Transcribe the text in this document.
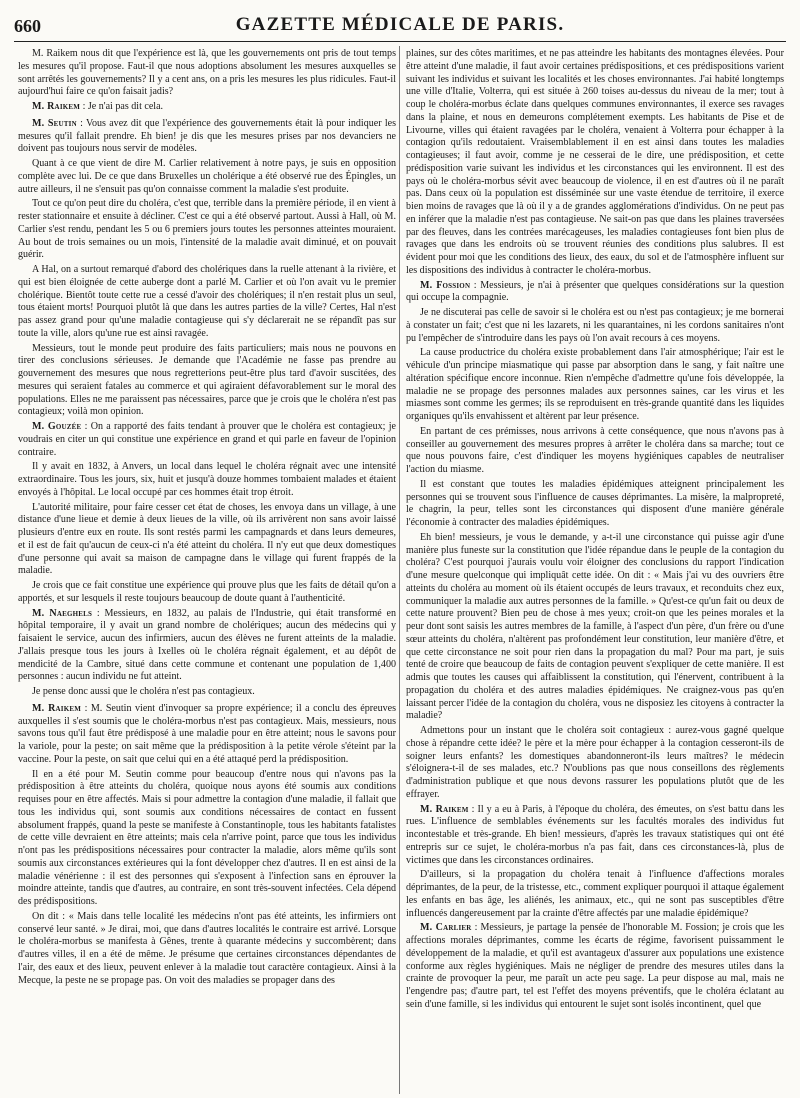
660	GAZETTE MÉDICALE DE PARIS.

M. Raikem nous dit que l'expérience est là, que les gouvernements ont pris de tout temps les mesures qu'il propose. Faut-il que nous adoptions absolument les mesures auxquelles se sont arrêtés les gouvernements? Il y a cent ans, on a pris les mesures les plus ridicules. Faut-il aujourd'hui faire ce qu'on faisait jadis?

M. Raikem : Je n'ai pas dit cela.

M. Seutin : Vous avez dit que l'expérience des gouvernements était là pour indiquer les mesures qu'il fallait prendre. Eh bien! je dis que les mesures prises par nos devanciers ne doivent pas toujours nous servir de modèles.

Quant à ce que vient de dire M. Carlier relativement à notre pays, je suis en opposition complète avec lui. De ce que dans Bruxelles un cholérique a été observé rue des Épingles, un autre ailleurs, il ne s'ensuit pas qu'on connaisse comment la maladie s'est produite.

Tout ce qu'on peut dire du choléra, c'est que, terrible dans la première période, il en vient à rester stationnaire et ensuite à décliner. C'est ce qui a été observé partout. Aussi à Hall, où M. Carlier s'est rendu, pendant les 5 ou 6 premiers jours toutes les personnes atteintes mouraient. Au bout de trois semaines ou un mois, l'intensité de la maladie avait diminué, et on pouvait guérir.

A Hal, on a surtout remarqué d'abord des cholériques dans la ruelle attenant à la rivière, et qui est bien éloignée de cette auberge dont a parlé M. Carlier et où l'on avait vu le premier cholérique. Bientôt toute cette rue a cessé d'avoir des cholériques; il n'en restait plus un seul, tous étaient morts! Pourquoi plutôt là que dans les autres parties de la ville? Certes, Hal n'est pas assez grand pour qu'une maladie contagieuse qui s'y déclarerait ne se répandît pas sur toute la ville, alors qu'une rue est ainsi ravagée.

Messieurs, tout le monde peut produire des faits particuliers; mais nous ne pouvons en tirer des conclusions sérieuses. Je demande que l'Académie ne fasse pas prendre au gouvernement des mesures que nous regretterions peut-être plus tard d'avoir suscitées, des mesures qui seraient fatales au commerce et qui agiraient défavorablement sur le moral des populations. Elles ne me paraissent pas nécessaires, parce que je crois que le choléra n'est pas contagieux; voilà mon opinion.

M. Gouzée : On a rapporté des faits tendant à prouver que le choléra est contagieux; je voudrais en citer un qui constitue une expérience en grand et qui parle en faveur de l'opinion contraire.

Il y avait en 1832, à Anvers, un local dans lequel le choléra régnait avec une intensité extraordinaire. Tous les jours, six, huit et jusqu'à douze hommes tombaient malades et étaient envoyés à l'hôpital. Le local occupé par ces hommes était trop étroit.

L'autorité militaire, pour faire cesser cet état de choses, les envoya dans un village, à une distance d'une lieue et demie à deux lieues de la ville, où ils arrivèrent non sans avoir laissé plusieurs d'entre eux en route. Ils sont restés parmi les campagnards et dans leurs demeures, et il est de fait qu'aucun de ceux-ci n'a été atteint du choléra. Il n'y eut que deux domestiques d'une personne qui avait sa maison de campagne dans le village qui furent frappés de la maladie.

Je crois que ce fait constitue une expérience qui prouve plus que les faits de détail qu'on a apportés, et sur lesquels il reste toujours beaucoup de doute quant à l'authenticité.

M. Naeghels : Messieurs, en 1832, au palais de l'Industrie, qui était transformé en hôpital temporaire, il y avait un grand nombre de cholériques; aucun des médecins qui y faisaient le service, aucun des infirmiers, aucun des élèves ne furent atteints de la maladie. J'allais presque tous les jours à Ixelles où le choléra régnait également, et au dépôt de mendicité de la Cambre, situé dans cette commune et contenant une population de 1,400 personnes : aucun individu ne fut atteint.

Je pense donc aussi que le choléra n'est pas contagieux.

M. Raikem : M. Seutin vient d'invoquer sa propre expérience; il a conclu des épreuves auxquelles il s'est soumis que le choléra-morbus n'est pas contagieux. Mais, messieurs, nous savons tous qu'il faut être prédisposé à une maladie pour en être atteint; nous le savons pour la variole, pour la peste; on sait même que la prédisposition à la petite vérole s'éteint par la vaccine. Pour la peste, on sait que celui qui en a été attaqué perd la prédisposition.

Il en a été pour M. Seutin comme pour beaucoup d'entre nous qui n'avons pas la prédisposition à être atteints du choléra, quoique nous ayons été soumis aux conditions requises pour en être affectés. Mais si pour admettre la contagion d'une maladie, il fallait que tous les individus qui, sont soumis aux conditions nécessaires de contact en fussent absolument frappés, quand la peste se manifeste à Constantinople, tous les habitants fatalistes de cette ville devraient en être atteints; mais cela n'arrive point, parce que tous les individus n'ont pas les prédispositions nécessaires pour contracter la maladie, alors même qu'ils sont soumis aux circonstances extérieures qui la font développer chez d'autres. Il en est ainsi de la maladie vénérienne : il est des personnes qui s'exposent à l'infection sans en éprouver la moindre atteinte, tandis que d'autres, au contraire, en sont très-souvent infectées. Cela dépend des prédispositions.

On dit : « Mais dans telle localité les médecins n'ont pas été atteints, les infirmiers ont conservé leur santé. » Je dirai, moi, que dans d'autres localités le contraire est arrivé. Lorsque le choléra-morbus se manifesta à Gênes, trente à quarante médecins y succombèrent; dans d'autres villes, il en a été de même. Je présume que certaines circonstances dépendantes de l'air, des eaux et des lieux, peuvent enlever à la maladie tout caractère contagieux. Ainsi à la Mecque, la peste ne se propage pas. On voit des maladies se propager dans des

plaines, sur des côtes maritimes, et ne pas atteindre les habitants des montagnes élevées. Pour être atteint d'une maladie, il faut avoir certaines prédispositions, et ces prédispositions varient suivant les individus et suivant les localités et les choses environnantes. J'ai habité longtemps une ville d'Italie, Volterra, qui est située à 260 toises au-dessus du niveau de la mer; tout à coup le choléra-morbus éclate dans quelques communes environnantes, il exerce ses ravages dans la plaine, et nous en demeurons complétement exempts. Les habitants de Pise et de Livourne, villes qui étaient ravagées par le choléra, venaient à Volterra pour échapper à la contagion qu'ils redoutaient. Vraisemblablement il en est ainsi dans toutes les maladies contagieuses; il faut avoir, comme je ne cesserai de le dire, une prédisposition, et cette prédisposition varie suivant les individus et les circonstances qui les environnent. Il est des pays où le choléra-morbus sévit avec beaucoup de violence, il en est d'autres où il ne paraît pas. Dans ceux où la population est disséminée sur une vaste étendue de territoire, il exerce bien moins de ravages que là où il y a de grandes agglomérations d'individus. On ne peut pas en inférer que la maladie n'est pas contagieuse. Ne sait-on pas que dans les plaines traversées par des fleuves, dans les contrées marécageuses, les maladies contagieuses font bien plus de ravages que dans les endroits où se trouvent réunies des conditions plus salubres. Il est évident pour moi que les conditions des lieux, des eaux, du sol et de l'atmosphère influent sur les dispositions des individus à contracter le choléra-morbus.

M. Fossion : Messieurs, je n'ai à présenter que quelques considérations sur la question qui occupe la compagnie.

Je ne discuterai pas celle de savoir si le choléra est ou n'est pas contagieux; je me bornerai à constater un fait; c'est que ni les lazarets, ni les quarantaines, ni les cordons sanitaires n'ont pu l'empêcher de s'introduire dans les pays où l'on avait recours à ces moyens.

La cause productrice du choléra existe probablement dans l'air atmosphérique; l'air est le véhicule d'un principe miasmatique qui passe par absorption dans le sang, y fait naître une altération spécifique encore inconnue. Rien n'empêche d'admettre qu'une fois développée, la maladie ne se propage des personnes malades aux personnes saines, car les virus et les miasmes sont comme les germes; ils se reproduisent en très-grande quantité dans les liquides organiques qu'ils envahissent et altèrent par leur présence.

En partant de ces prémisses, nous arrivons à cette conséquence, que nous n'avons pas à conseiller au gouvernement des mesures propres à arrêter le choléra dans sa marche; tout ce que nous pouvons faire, c'est d'indiquer les moyens hygiéniques capables de neutraliser l'action du miasme.

Il est constant que toutes les maladies épidémiques atteignent principalement les personnes qui se trouvent sous l'influence de causes déprimantes. La misère, la malpropreté, le chagrin, la peur, telles sont les circonstances qui disposent d'une manière générale l'économie à contracter des maladies épidémiques.

Eh bien! messieurs, je vous le demande, y a-t-il une circonstance qui puisse agir d'une manière plus funeste sur la constitution que l'idée répandue dans le peuple de la contagion du choléra? C'est pourquoi j'aurais voulu voir éloigner des conclusions du rapport l'indication d'une mesure quelconque qui impliquât cette idée. On dit : « Mais j'ai vu des ouvriers être atteints du choléra au moment où ils étaient occupés de leurs travaux, et reconduits chez eux, communiquer la maladie aux autres personnes de la famille. » Qu'est-ce qu'un fait ou deux de cette nature prouvent? Bien peu de chose à mes yeux; croit-on que les peines morales et la peur dont sont saisis les autres membres de la famille, à l'aspect d'un père, d'un frère ou d'une sœur atteints du choléra, n'altèrent pas profondément leur constitution, leur manière d'être, et que cette circonstance ne soit pour rien dans la propagation du mal? Pour ma part, je suis tenté de croire que beaucoup de faits de contagion peuvent s'expliquer de cette manière. Il est admis que toutes les causes qui affaiblissent la constitution, qui l'énervent, contribuent à la propagation du choléra et des autres maladies épidémiques. Ne craignez-vous pas qu'en laissant percer l'idée de la contagion du choléra, vous ne disposiez les citoyens à contracter la maladie?

Admettons pour un instant que le choléra soit contagieux : aurez-vous gagné quelque chose à répandre cette idée? le père et la mère pour échapper à la contagion cesseront-ils de soigner leurs enfants? les domestiques abandonneront-ils leurs maîtres? le médecin s'éloignera-t-il de ses malades, etc.? N'oublions pas que nous conseillons des règlements d'administration publique et que nous devons rassurer les populations plutôt que de les effrayer.

M. Raikem : Il y a eu à Paris, à l'époque du choléra, des émeutes, on s'est battu dans les rues. L'influence de semblables événements sur les facultés morales des individus fut incontestable et très-grande. Eh bien! messieurs, d'après les travaux statistiques qui ont été entrepris sur ce sujet, le choléra-morbus n'a pas fait, dans ces circonstances-là, plus de victimes que dans les circonstances ordinaires.

D'ailleurs, si la propagation du choléra tenait à l'influence d'affections morales déprimantes, de la peur, de la tristesse, etc., comment expliquer pourquoi il attaque également les enfants en bas âge, les aliénés, les animaux, etc., qui ne sont pas susceptibles d'être influencés dangereusement par la crainte d'être affectés par une maladie épidémique?

M. Carlier : Messieurs, je partage la pensée de l'honorable M. Fossion; je crois que les affections morales déprimantes, comme les écarts de régime, favorisent puissamment le développement de la maladie, et qu'il est avantageux d'assurer aux populations une existence conforme aux règles hygiéniques. Mais ne négliger de prendre des mesures utiles dans la crainte de provoquer la peur, me paraît un acte peu sage. La peur dispose au mal, mais ne l'engendre pas; d'autre part, tel est l'effet des moyens préventifs, que le choléra éclatant au sein d'une famille, si les individus qui entourent le sujet sont isolés incontinent, quel que
